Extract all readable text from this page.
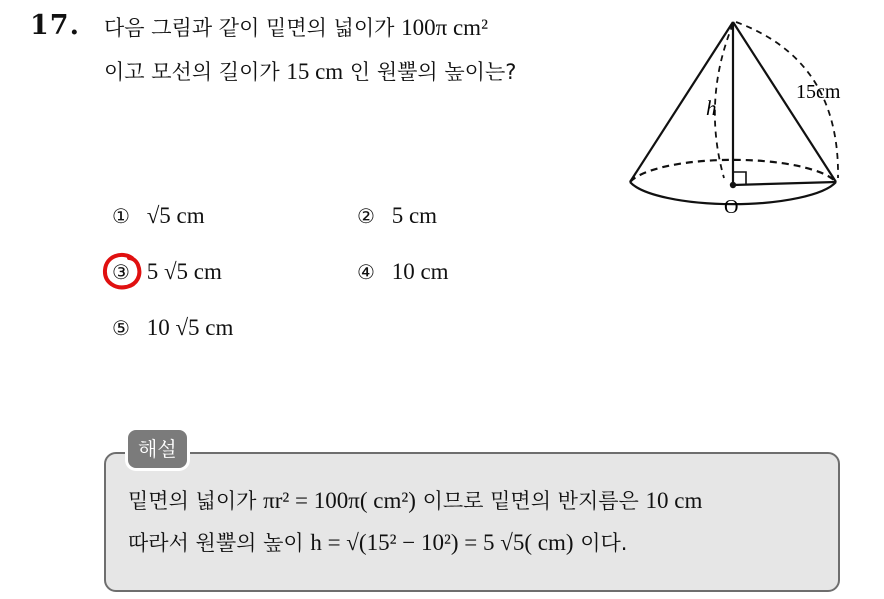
17. 다음 그림과 같이 밑면의 넓이가 100π cm²
이고 모선의 길이가 15 cm 인 원뿔의 높이는?
h
15cm
O
① √5 cm	② 5 cm
③ 5 √5 cm	④ 10 cm
⑤ 10 √5 cm
해설
밑면의 넓이가 πr² = 100π( cm²) 이므로 밑면의 반지름은 10 cm
따라서 원뿔의 높이 h = √(15² − 10²) = 5 √5( cm) 이다.
